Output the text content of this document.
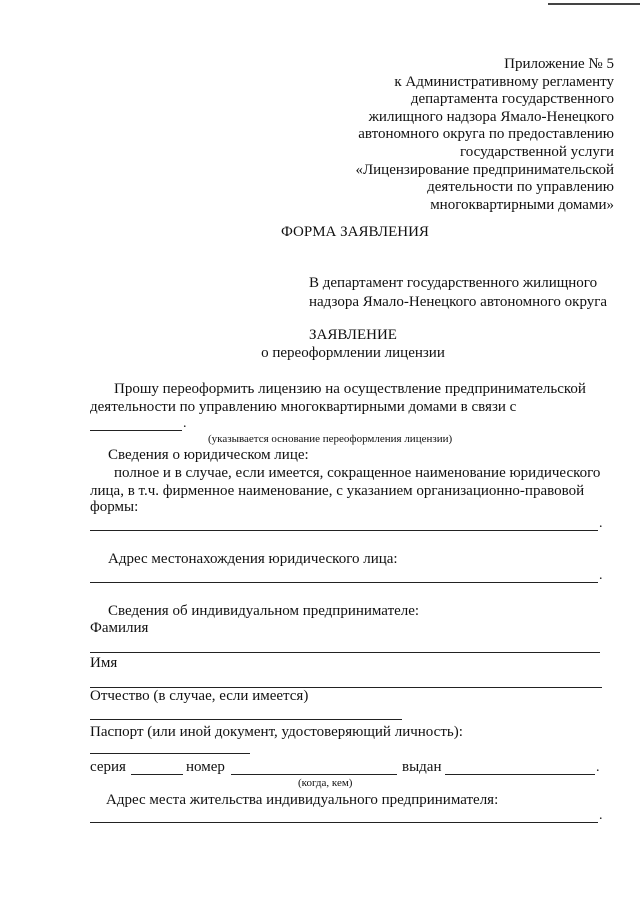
Приложение № 5
к Административному регламенту
департамента государственного
жилищного надзора Ямало-Ненецкого
автономного округа по предоставлению
государственной услуги
«Лицензирование предпринимательской
деятельности по управлению
многоквартирными домами»
ФОРМА ЗАЯВЛЕНИЯ
В департамент государственного жилищного
надзора Ямало-Ненецкого автономного округа
ЗАЯВЛЕНИЕ
о переоформлении лицензии
Прошу переоформить лицензию на осуществление предпринимательской
деятельности по управлению многоквартирными домами в связи с
.
(указывается основание переоформления лицензии)
Сведения о юридическом лице:
полное и в случае, если имеется, сокращенное наименование юридического
лица, в т.ч. фирменное наименование, с указанием организационно-правовой
формы:
.
Адрес местонахождения юридического лица:
.
Сведения об индивидуальном предпринимателе:
Фамилия
Имя
Отчество (в случае, если имеется)
Паспорт (или иной документ, удостоверяющий личность):
серия	номер	выдан	.
(когда, кем)
Адрес места жительства индивидуального предпринимателя:
.
